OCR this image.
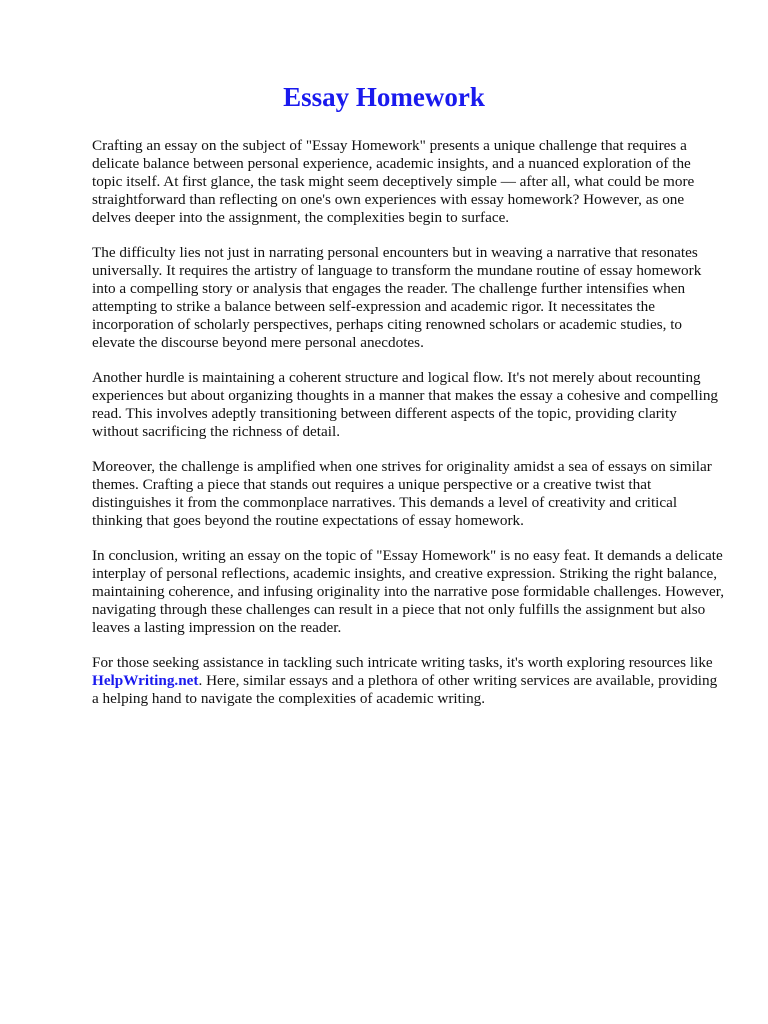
Essay Homework

Crafting an essay on the subject of "Essay Homework" presents a unique challenge that requires a delicate balance between personal experience, academic insights, and a nuanced exploration of the topic itself. At first glance, the task might seem deceptively simple — after all, what could be more straightforward than reflecting on one's own experiences with essay homework? However, as one delves deeper into the assignment, the complexities begin to surface.

The difficulty lies not just in narrating personal encounters but in weaving a narrative that resonates universally. It requires the artistry of language to transform the mundane routine of essay homework into a compelling story or analysis that engages the reader. The challenge further intensifies when attempting to strike a balance between self-expression and academic rigor. It necessitates the incorporation of scholarly perspectives, perhaps citing renowned scholars or academic studies, to elevate the discourse beyond mere personal anecdotes.

Another hurdle is maintaining a coherent structure and logical flow. It's not merely about recounting experiences but about organizing thoughts in a manner that makes the essay a cohesive and compelling read. This involves adeptly transitioning between different aspects of the topic, providing clarity without sacrificing the richness of detail.

Moreover, the challenge is amplified when one strives for originality amidst a sea of essays on similar themes. Crafting a piece that stands out requires a unique perspective or a creative twist that distinguishes it from the commonplace narratives. This demands a level of creativity and critical thinking that goes beyond the routine expectations of essay homework.

In conclusion, writing an essay on the topic of "Essay Homework" is no easy feat. It demands a delicate interplay of personal reflections, academic insights, and creative expression. Striking the right balance, maintaining coherence, and infusing originality into the narrative pose formidable challenges. However, navigating through these challenges can result in a piece that not only fulfills the assignment but also leaves a lasting impression on the reader.

For those seeking assistance in tackling such intricate writing tasks, it's worth exploring resources like HelpWriting.net. Here, similar essays and a plethora of other writing services are available, providing a helping hand to navigate the complexities of academic writing.
